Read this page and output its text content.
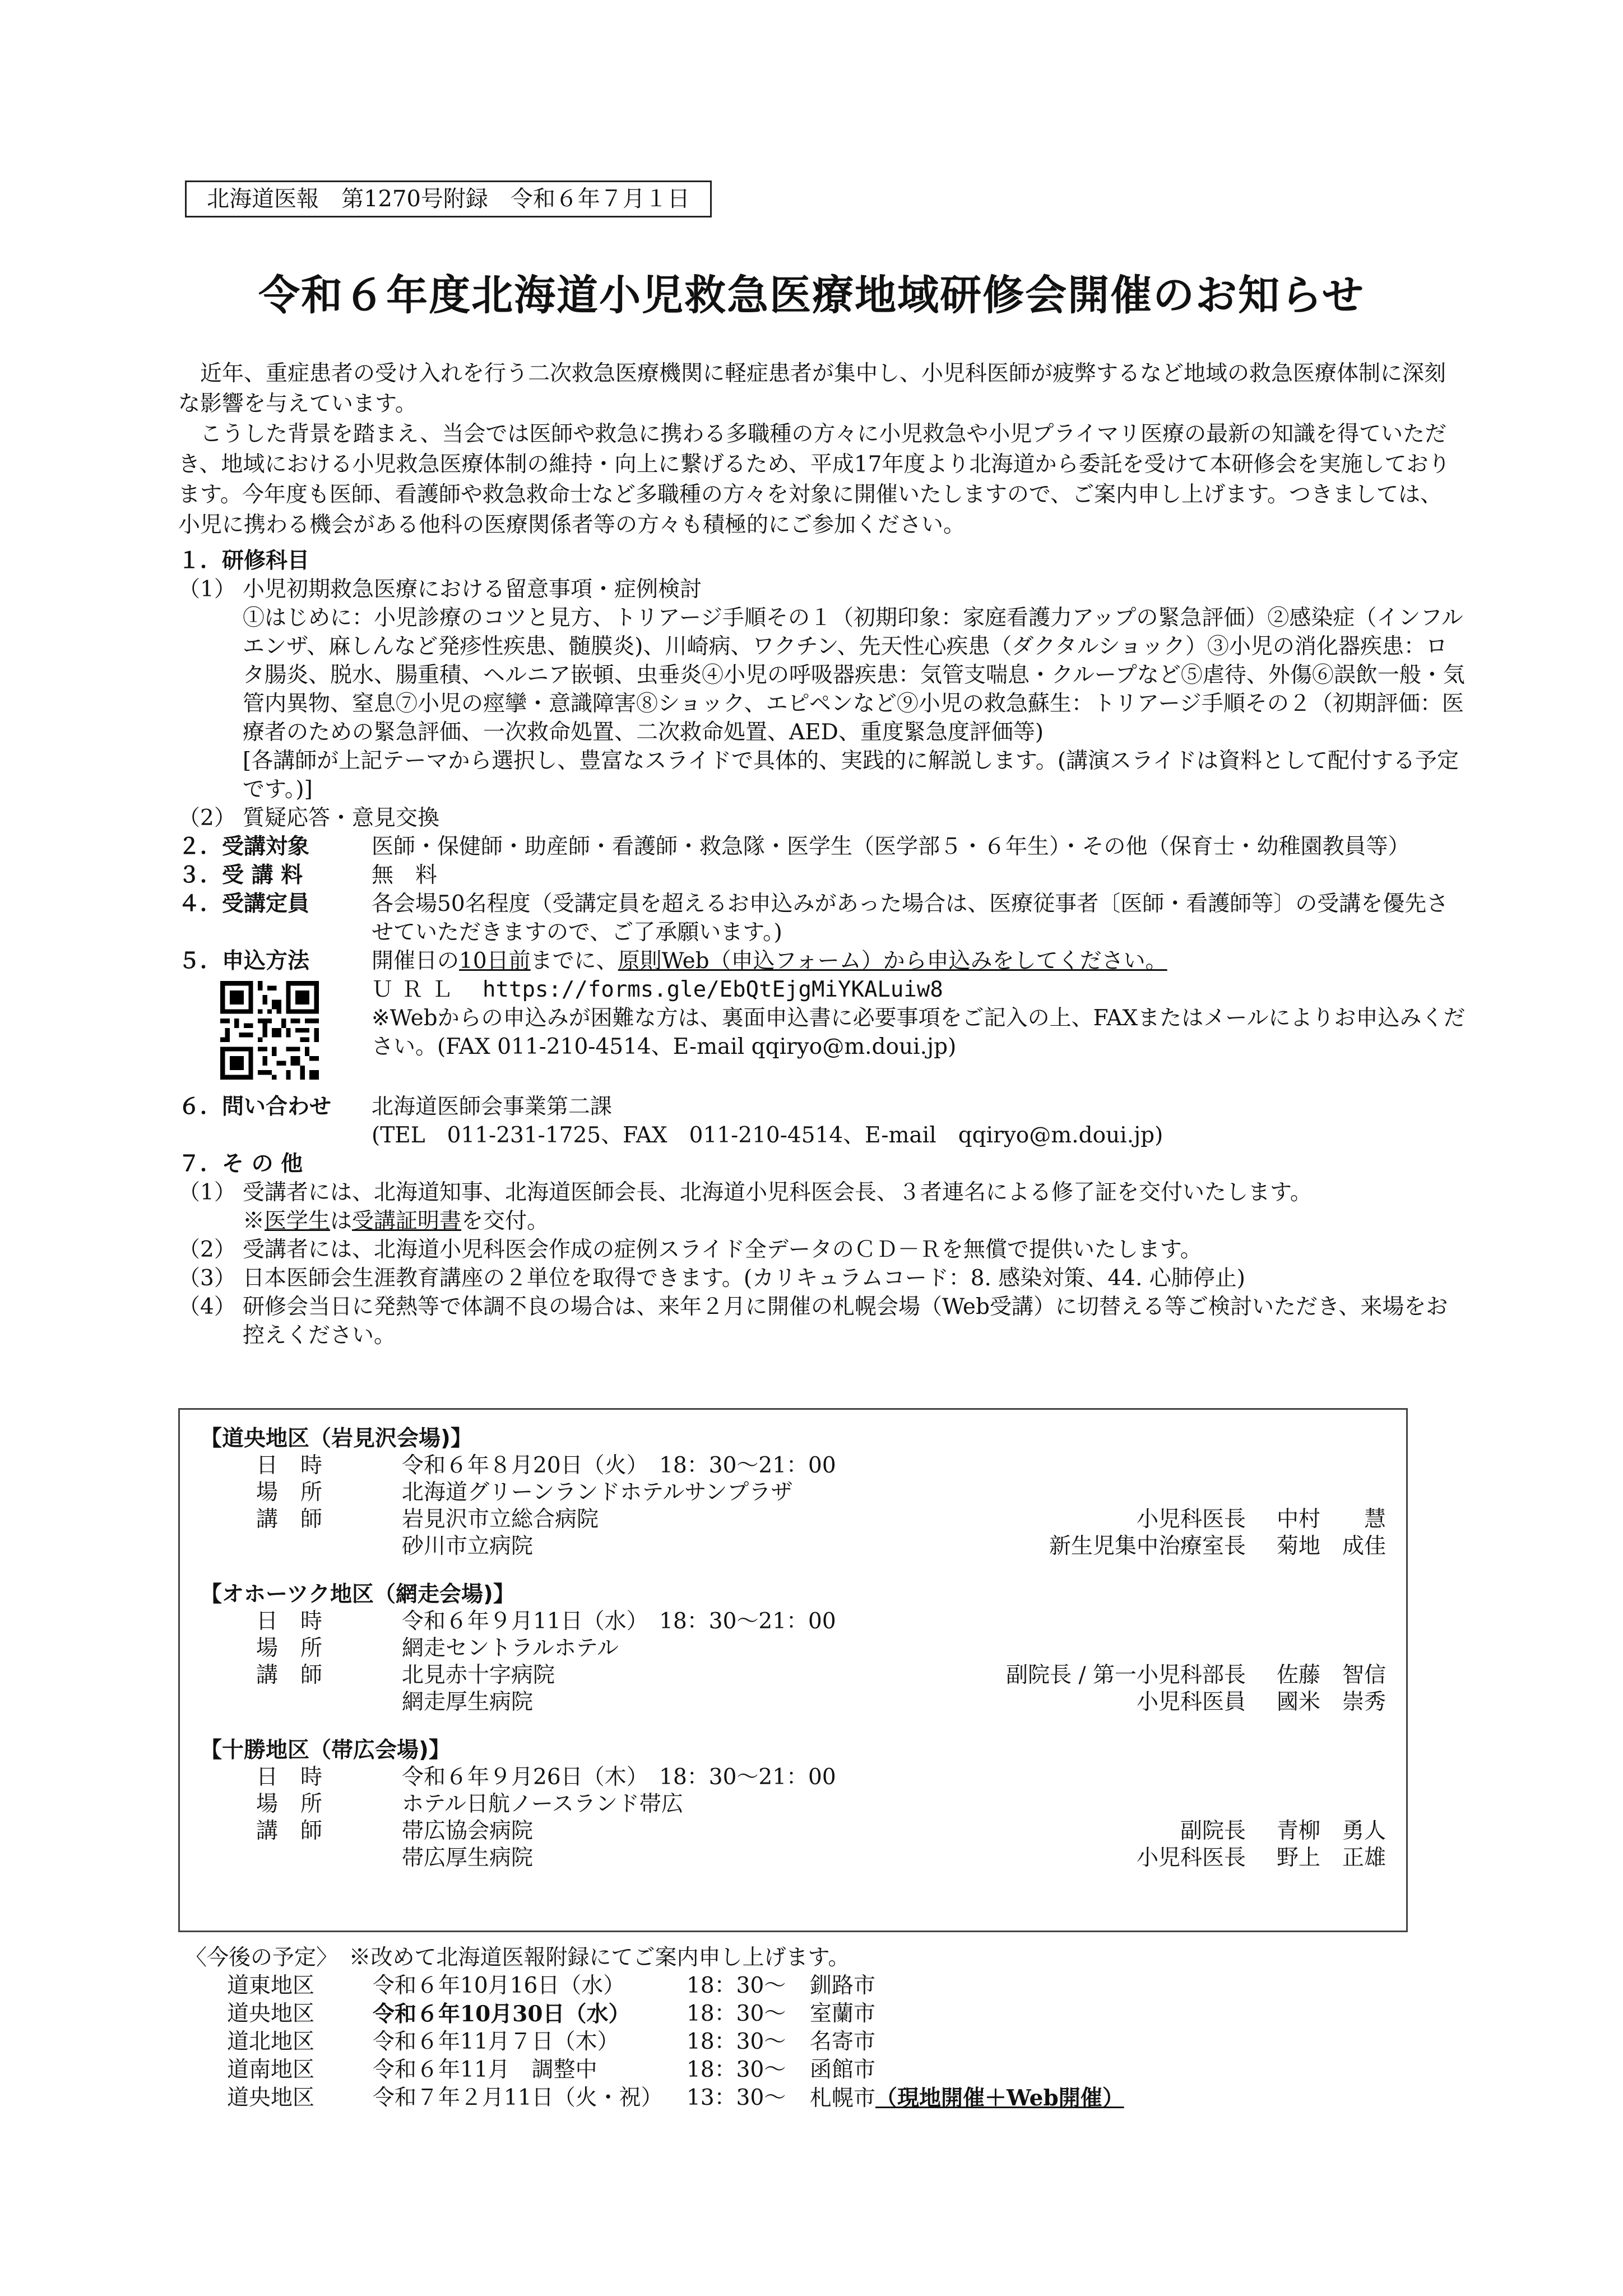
北海道医報　第1270号附録　令和６年７月１日
令和６年度北海道小児救急医療地域研修会開催のお知らせ

近年、重症患者の受け入れを行う二次救急医療機関に軽症患者が集中し、小児科医師が疲弊するなど地域の救急医療体制に深刻な影響を与えています。

こうした背景を踏まえ、当会では医師や救急に携わる多職種の方々に小児救急や小児プライマリ医療の最新の知識を得ていただき、地域における小児救急医療体制の維持・向上に繋げるため、平成17年度より北海道から委託を受けて本研修会を実施しております。今年度も医師、看護師や救急救命士など多職種の方々を対象に開催いたしますので、ご案内申し上げます。つきましては、小児に携わる機会がある他科の医療関係者等の方々も積極的にご参加ください。

１．研修科目
（1） 小児初期救急医療における留意事項・症例検討
①はじめに：小児診療のコツと見方、トリアージ手順その１（初期印象：家庭看護力アップの緊急評価）②感染症（インフルエンザ、麻しんなど発疹性疾患、髄膜炎)、川崎病、ワクチン、先天性心疾患（ダクタルショック）③小児の消化器疾患：ロタ腸炎、脱水、腸重積、ヘルニア嵌頓、虫垂炎④小児の呼吸器疾患：気管支喘息・クループなど⑤虐待、外傷⑥誤飲一般・気管内異物、窒息⑦小児の痙攣・意識障害⑧ショック、エピペンなど⑨小児の救急蘇生：トリアージ手順その２（初期評価：医療者のための緊急評価、一次救命処置、二次救命処置、AED、重度緊急度評価等)
[各講師が上記テーマから選択し、豊富なスライドで具体的、実践的に解説します。(講演スライドは資料として配付する予定です。)]
（2） 質疑応答・意見交換
２．受講対象	医師・保健師・助産師・看護師・救急隊・医学生（医学部５・６年生）・その他（保育士・幼稚園教員等）
３．受 講 料	無　料
４．受講定員	各会場50名程度（受講定員を超えるお申込みがあった場合は、医療従事者〔医師・看護師等〕の受講を優先させていただきますので、ご了承願います。)
５．申込方法	開催日の10日前までに、原則Web（申込フォーム）から申込みをしてください。
ＵＲＬ　 https://forms.gle/EbQtEjgMiYKALuiw8
※Webからの申込みが困難な方は、裏面申込書に必要事項をご記入の上、FAXまたはメールによりお申込みください。(FAX 011-210-4514、E-mail qqiryo@m.doui.jp)
６．問い合わせ	北海道医師会事業第二課
(TEL　011-231-1725、FAX　011-210-4514、E-mail　qqiryo@m.doui.jp)
７．そ の 他
（1） 受講者には、北海道知事、北海道医師会長、北海道小児科医会長、３者連名による修了証を交付いたします。
※医学生は受講証明書を交付。
（2） 受講者には、北海道小児科医会作成の症例スライド全データのＣＤ－Ｒを無償で提供いたします。
（3） 日本医師会生涯教育講座の２単位を取得できます。(カリキュラムコード：8. 感染対策、44. 心肺停止)
（4） 研修会当日に発熱等で体調不良の場合は、来年２月に開催の札幌会場（Web受講）に切替える等ご検討いただき、来場をお控えください。
【道央地区（岩見沢会場)】
日時	令和６年８月20日（火）　18：30～21：00
場所	北海道グリーンランドホテルサンプラザ
講師	岩見沢市立総合病院	小児科医長	中村　　慧
砂川市立病院	新生児集中治療室長	菊地　成佳
【オホーツク地区（網走会場)】
日時	令和６年９月11日（水）　18：30～21：00
場所	網走セントラルホテル
講師	北見赤十字病院	副院長 / 第一小児科部長	佐藤　智信
網走厚生病院	小児科医員	國米　崇秀
【十勝地区（帯広会場)】
日時	令和６年９月26日（木）　18：30～21：00
場所	ホテル日航ノースランド帯広
講師	帯広協会病院	副院長	青柳　勇人
帯広厚生病院	小児科医長	野上　正雄
〈今後の予定〉　 ※改めて北海道医報附録にてご案内申し上げます。
道東地区	令和６年10月16日（水）	18：30～	釧路市
道央地区	令和６年10月30日（水）	18：30～	室蘭市
道北地区	令和６年11月７日（木）	18：30～	名寄市
道南地区	令和６年11月　調整中	18：30～	函館市
道央地区	令和７年２月11日（火・祝）	13：30～	札幌市（現地開催＋Web開催）
